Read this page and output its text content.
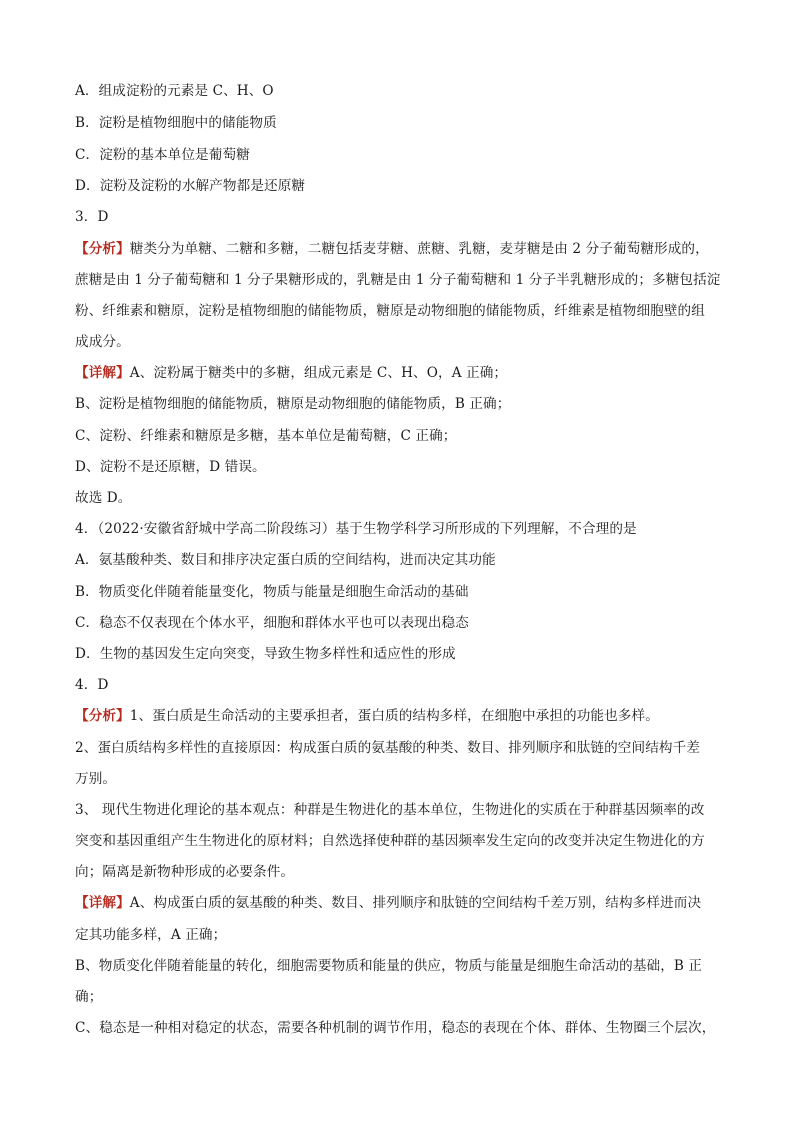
A．组成淀粉的元素是 C、H、O
B．淀粉是植物细胞中的储能物质
C．淀粉的基本单位是葡萄糖
D．淀粉及淀粉的水解产物都是还原糖
3．D
【分析】糖类分为单糖、二糖和多糖，二糖包括麦芽糖、蔗糖、乳糖，麦芽糖是由 2 分子葡萄糖形成的，
蔗糖是由 1 分子葡萄糖和 1 分子果糖形成的，乳糖是由 1 分子葡萄糖和 1 分子半乳糖形成的；多糖包括淀
粉、纤维素和糖原，淀粉是植物细胞的储能物质，糖原是动物细胞的储能物质，纤维素是植物细胞壁的组
成成分。
【详解】A、淀粉属于糖类中的多糖，组成元素是 C、H、O，A 正确；
B、淀粉是植物细胞的储能物质，糖原是动物细胞的储能物质，B 正确；
C、淀粉、纤维素和糖原是多糖，基本单位是葡萄糖，C 正确；
D、淀粉不是还原糖，D 错误。
故选 D。
4．（2022·安徽省舒城中学高二阶段练习）基于生物学科学习所形成的下列理解，不合理的是
A．氨基酸种类、数目和排序决定蛋白质的空间结构，进而决定其功能
B．物质变化伴随着能量变化，物质与能量是细胞生命活动的基础
C．稳态不仅表现在个体水平，细胞和群体水平也可以表现出稳态
D．生物的基因发生定向突变，导致生物多样性和适应性的形成
4．D
【分析】1、蛋白质是生命活动的主要承担者，蛋白质的结构多样，在细胞中承担的功能也多样。
2、蛋白质结构多样性的直接原因：构成蛋白质的氨基酸的种类、数目、排列顺序和肽链的空间结构千差
万别。
3、 现代生物进化理论的基本观点：种群是生物进化的基本单位，生物进化的实质在于种群基因频率的改
突变和基因重组产生生物进化的原材料；自然选择使种群的基因频率发生定向的改变并决定生物进化的方
向；隔离是新物种形成的必要条件。
【详解】A、构成蛋白质的氨基酸的种类、数目、排列顺序和肽链的空间结构千差万别，结构多样进而决
定其功能多样，A 正确；
B、物质变化伴随着能量的转化，细胞需要物质和能量的供应，物质与能量是细胞生命活动的基础，B 正
确；
C、稳态是一种相对稳定的状态，需要各种机制的调节作用，稳态的表现在个体、群体、生物圈三个层次，
